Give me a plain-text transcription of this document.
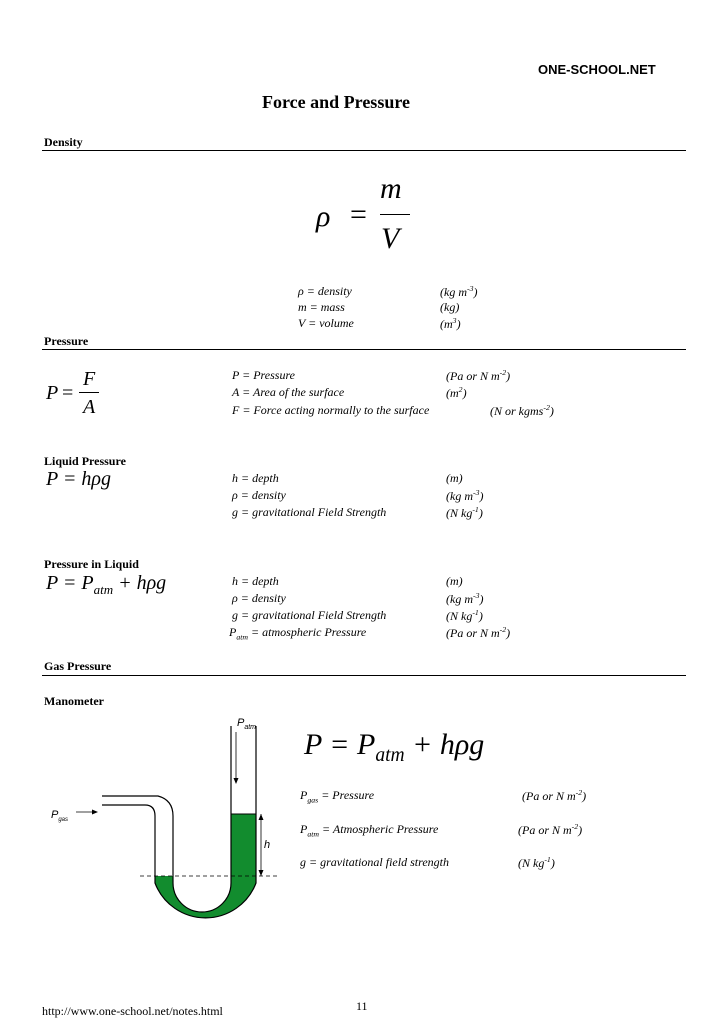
ONE-SCHOOL.NET
Force and Pressure
Density
ρ =
m
V
ρ = density	(kg $m^{-3}$)
m = mass	(kg)
V = volume	$(m^3)$
Pressure
P =
F
A
P = Pressure	(Pa or N $m^{-2}$)
A = Area of the surface	$(m^2)$
F = Force acting normally to the surface	(N or kgms$^{-2}$)
Liquid Pressure
P = hρg	h = depth	(m)
ρ = density	(kg $m^{-3}$)
g = gravitational Field Strength	(N $kg^{-1}$)
Pressure in Liquid
$P = P_{atm} + h\rho g$	h = depth	(m)
ρ = density	(kg $m^{-3}$)
g = gravitational Field Strength	(N $kg^{-1}$)
$P_{atm}$ = atmospheric Pressure	(Pa or N $m^{-2}$)
Gas Pressure
Manometer
$P_{atm}$
$P_{gas}$
h
$P = P_{atm} + h\rho g$
$P_{gas}$ = Pressure	(Pa or N $m^{-2}$)
$P_{atm}$ = Atmospheric Pressure	(Pa or N $m^{-2}$)
g = gravitational field strength	(N $kg^{-1}$)
http://www.one-school.net/notes.html	11
